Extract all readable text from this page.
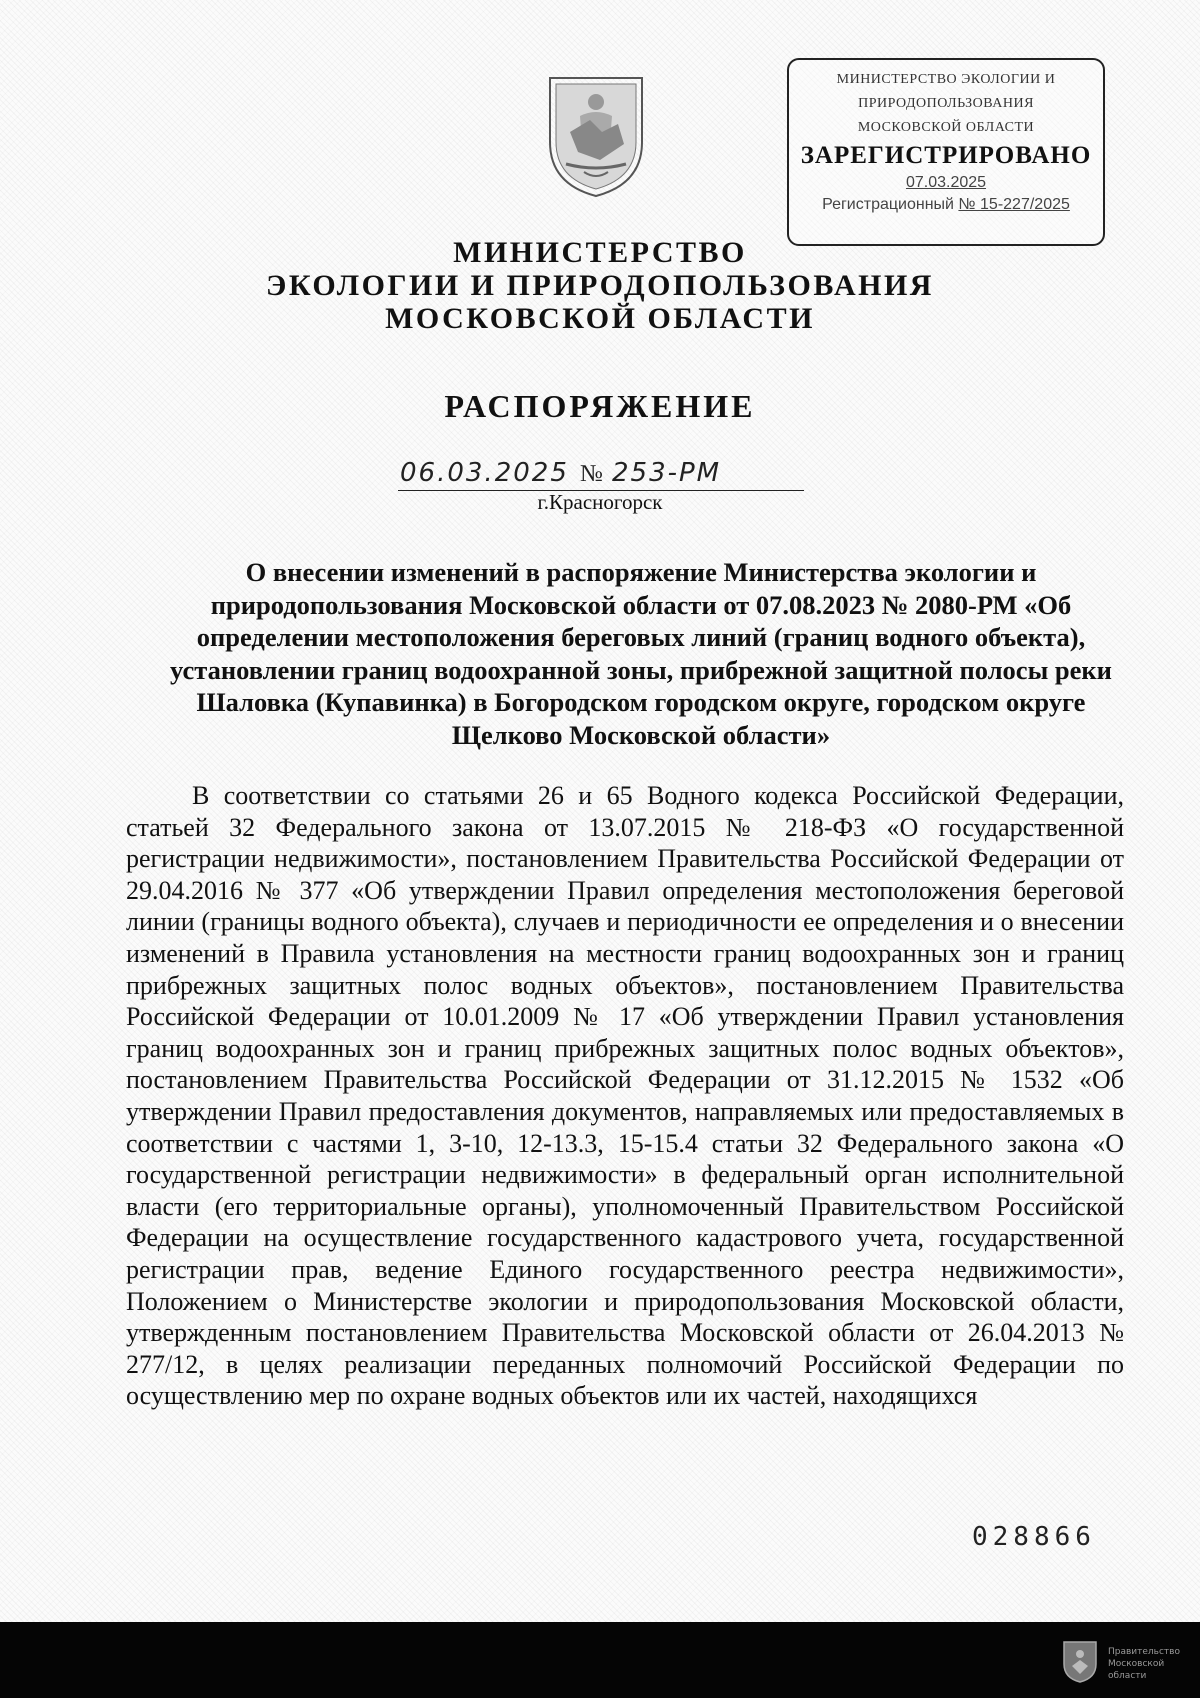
МИНИСТЕРСТВО ЭКОЛОГИИ И
ПРИРОДОПОЛЬЗОВАНИЯ
МОСКОВСКОЙ ОБЛАСТИ
ЗАРЕГИСТРИРОВАНО
07.03.2025
Регистрационный № 15-227/2025
МИНИСТЕРСТВО
ЭКОЛОГИИ И ПРИРОДОПОЛЬЗОВАНИЯ
МОСКОВСКОЙ ОБЛАСТИ
РАСПОРЯЖЕНИЕ
06.03.2025 № 253-РМ
г.Красногорск
О внесении изменений в распоряжение Министерства экологии и природопользования Московской области от 07.08.2023 № 2080-РМ «Об определении местоположения береговых линий (границ водного объекта), установлении границ водоохранной зоны, прибрежной защитной полосы реки Шаловка (Купавинка) в Богородском городском округе, городском округе Щелково Московской области»
В соответствии со статьями 26 и 65 Водного кодекса Российской Федерации, статьей 32 Федерального закона от 13.07.2015 № 218-ФЗ «О государственной регистрации недвижимости», постановлением Правительства Российской Федерации от 29.04.2016 № 377 «Об утверждении Правил определения местоположения береговой линии (границы водного объекта), случаев и периодичности ее определения и о внесении изменений в Правила установления на местности границ водоохранных зон и границ прибрежных защитных полос водных объектов», постановлением Правительства Российской Федерации от 10.01.2009 № 17 «Об утверждении Правил установления границ водоохранных зон и границ прибрежных защитных полос водных объектов», постановлением Правительства Российской Федерации от 31.12.2015 № 1532 «Об утверждении Правил предоставления документов, направляемых или предоставляемых в соответствии с частями 1, 3-10, 12-13.3, 15-15.4 статьи 32 Федерального закона «О государственной регистрации недвижимости» в федеральный орган исполнительной власти (его территориальные органы), уполномоченный Правительством Российской Федерации на осуществление государственного кадастрового учета, государственной регистрации прав, ведение Единого государственного реестра недвижимости», Положением о Министерстве экологии и природопользования Московской области, утвержденным постановлением Правительства Московской области от 26.04.2013 № 277/12, в целях реализации переданных полномочий Российской Федерации по осуществлению мер по охране водных объектов или их частей, находящихся
028866
Правительство
Московской области
